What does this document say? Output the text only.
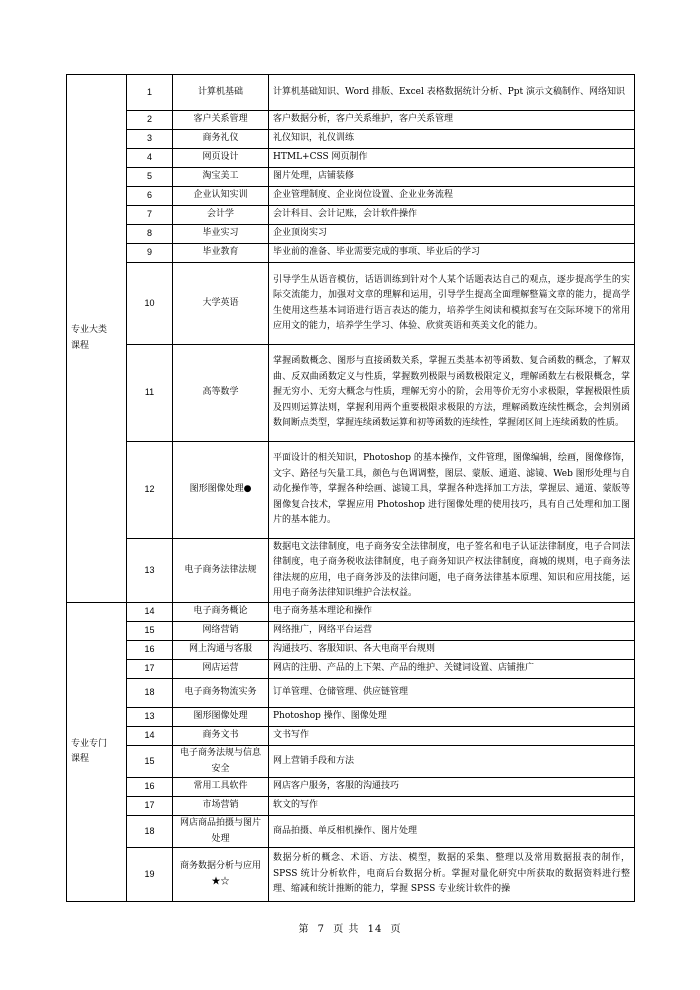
专业大类
课程	1	计算机基础	计算机基础知识、Word 排版、Excel 表格数据统计分析、Ppt 演示文稿制作、网络知识
	2	客户关系管理	客户数据分析，客户关系维护，客户关系管理
	3	商务礼仪	礼仪知识，礼仪训练
	4	网页设计	HTML+CSS 网页制作
	5	淘宝美工	图片处理，店铺装修
	6	企业认知实训	企业管理制度、企业岗位设置、企业业务流程
	7	会计学	会计科目、会计记账，会计软件操作
	8	毕业实习	企业顶岗实习
	9	毕业教育	毕业前的准备、毕业需要完成的事项、毕业后的学习
	10	大学英语	引导学生从语音模仿，话语训练到针对个人某个话题表达自己的观点，逐步提高学生的实际交流能力，加强对文章的理解和运用，引导学生提高全面理解整篇文章的能力，提高学生使用这些基本词语进行语言表达的能力，培养学生阅读和模拟套写在交际环境下的常用应用文的能力，培养学生学习、体验、欣赏英语和英美文化的能力。
	11	高等数学	掌握函数概念、图形与直接函数关系，掌握五类基本初等函数、复合函数的概念，了解双曲、反双曲函数定义与性质，掌握数列极限与函数极限定义，理解函数左右极限概念，掌握无穷小、无穷大概念与性质，理解无穷小的阶，会用等价无穷小求极限，掌握极限性质及四则运算法则，掌握利用两个重要极限求极限的方法，理解函数连续性概念，会判别函数间断点类型，掌握连续函数运算和初等函数的连续性，掌握闭区间上连续函数的性质。
	12	图形图像处理●	平面设计的相关知识，Photoshop 的基本操作，文件管理，图像编辑，绘画，图像修饰，文字、路径与矢量工具，颜色与色调调整，图层、蒙版、通道、滤镜、Web 图形处理与自动化操作等，掌握各种绘画、滤镜工具，掌握各种选择加工方法，掌握层、通道、蒙版等图像复合技术，掌握应用 Photoshop 进行图像处理的使用技巧，具有自己处理和加工图片的基本能力。
	13	电子商务法律法规	数据电文法律制度，电子商务安全法律制度，电子签名和电子认证法律制度，电子合同法律制度，电子商务税收法律制度，电子商务知识产权法律制度，商城的规则，电子商务法律法规的应用，电子商务涉及的法律问题，电子商务法律基本原理、知识和应用技能，运用电子商务法律知识维护合法权益。
专业专门
课程	14	电子商务概论	电子商务基本理论和操作
	15	网络营销	网络推广，网络平台运营
	16	网上沟通与客服	沟通技巧、客服知识、各大电商平台规则
	17	网店运营	网店的注册、产品的上下架、产品的维护、关键词设置、店铺推广
	18	电子商务物流实务	订单管理、仓储管理、供应链管理
	13	图形图像处理	Photoshop 操作、图像处理
	14	商务文书	文书写作
	15	电子商务法规与信息安全	网上营销手段和方法
	16	常用工具软件	网店客户服务，客服的沟通技巧
	17	市场营销	软文的写作
	18	网店商品拍摄与图片处理	商品拍摄、单反相机操作、图片处理
	19	商务数据分析与应用★☆	数据分析的概念、术语、方法、模型，数据的采集、整理以及常用数据报表的制作，SPSS 统计分析软件，电商后台数据分析。掌握对量化研究中所获取的数据资料进行整理、缩减和统计推断的能力，掌握 SPSS 专业统计软件的操
第 7 页 共 14 页
